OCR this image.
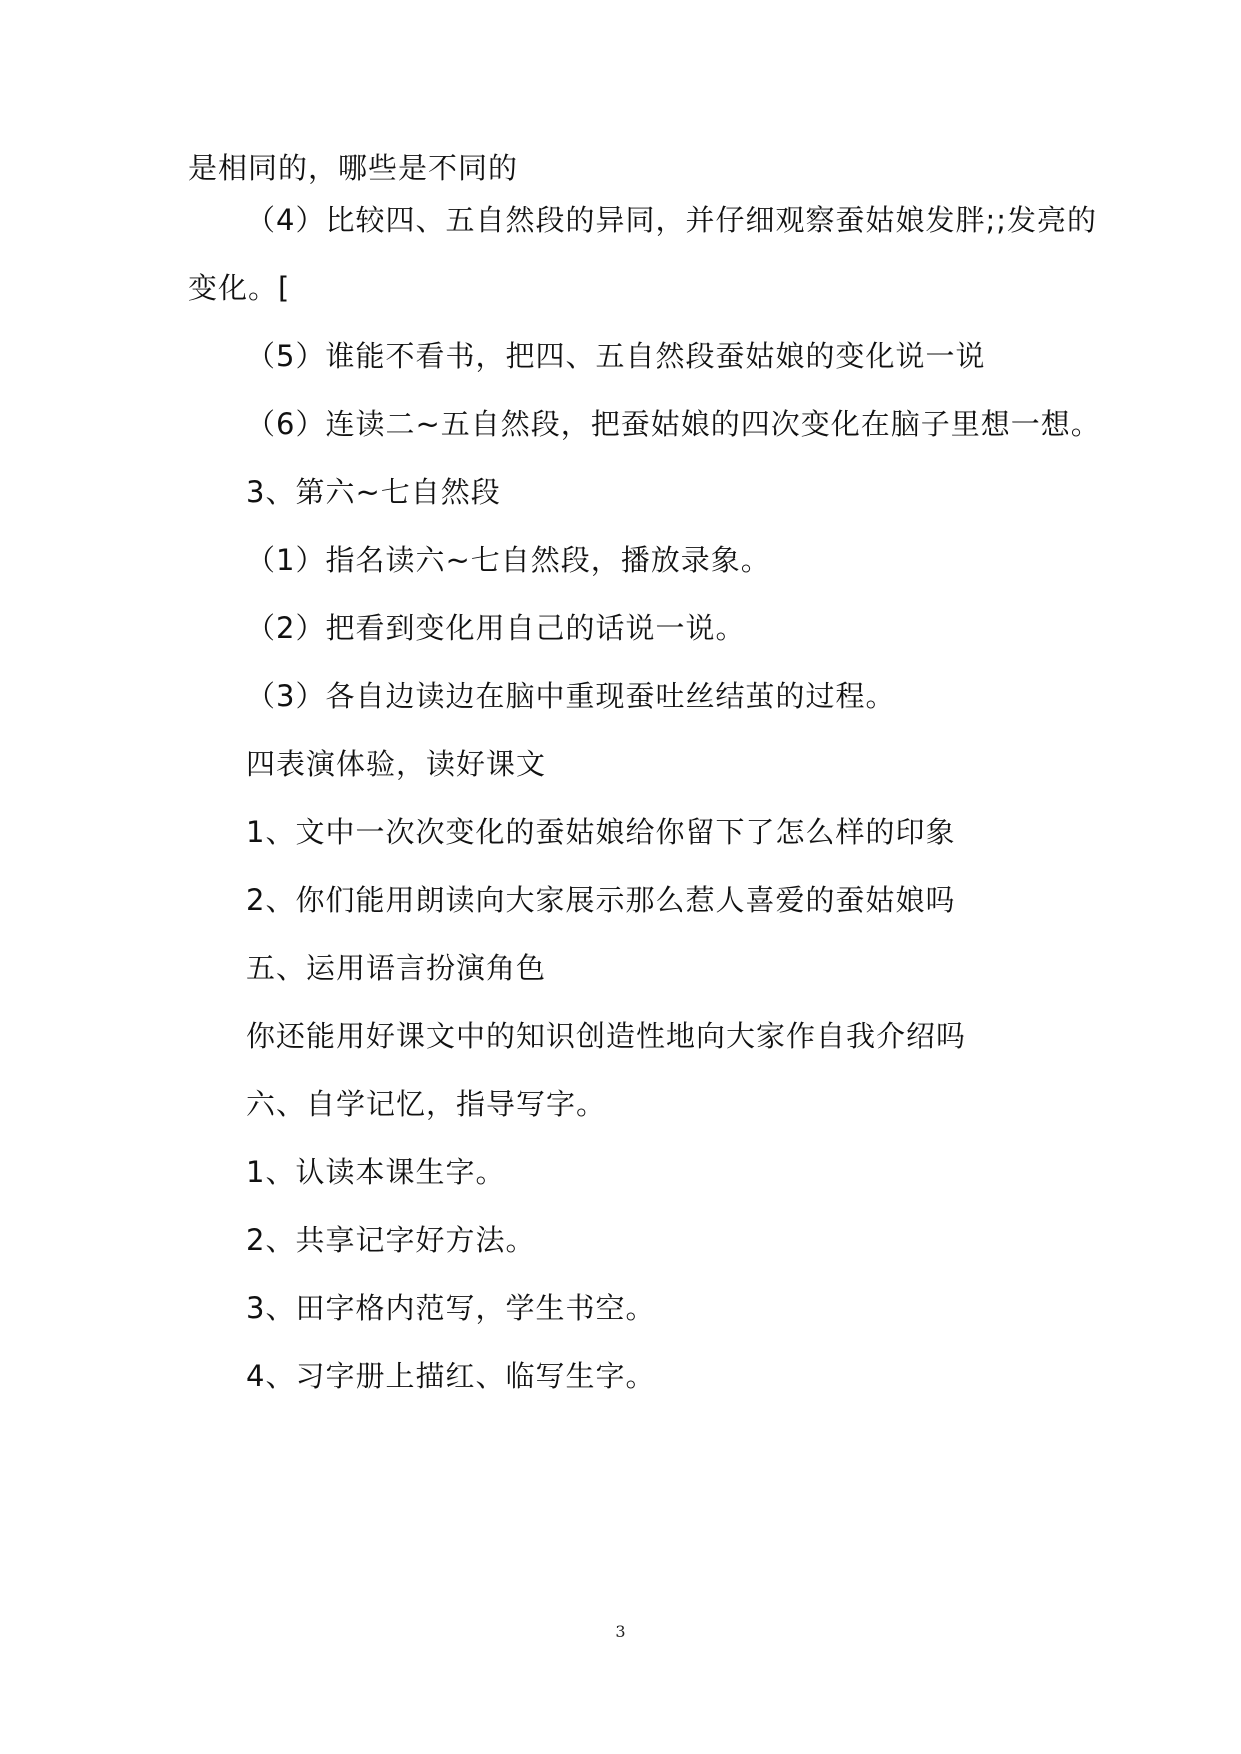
是相同的，哪些是不同的
（4）比较四、五自然段的异同，并仔细观察蚕姑娘发胖;;发亮的
变化。[
（5）谁能不看书，把四、五自然段蚕姑娘的变化说一说
（6）连读二~五自然段，把蚕姑娘的四次变化在脑子里想一想。
3、第六~七自然段
（1）指名读六~七自然段，播放录象。
（2）把看到变化用自己的话说一说。
（3）各自边读边在脑中重现蚕吐丝结茧的过程。
四表演体验，读好课文
1、文中一次次变化的蚕姑娘给你留下了怎么样的印象
2、你们能用朗读向大家展示那么惹人喜爱的蚕姑娘吗
五、运用语言扮演角色
你还能用好课文中的知识创造性地向大家作自我介绍吗
六、自学记忆，指导写字。
1、认读本课生字。
2、共享记字好方法。
3、田字格内范写，学生书空。
4、习字册上描红、临写生字。
3
